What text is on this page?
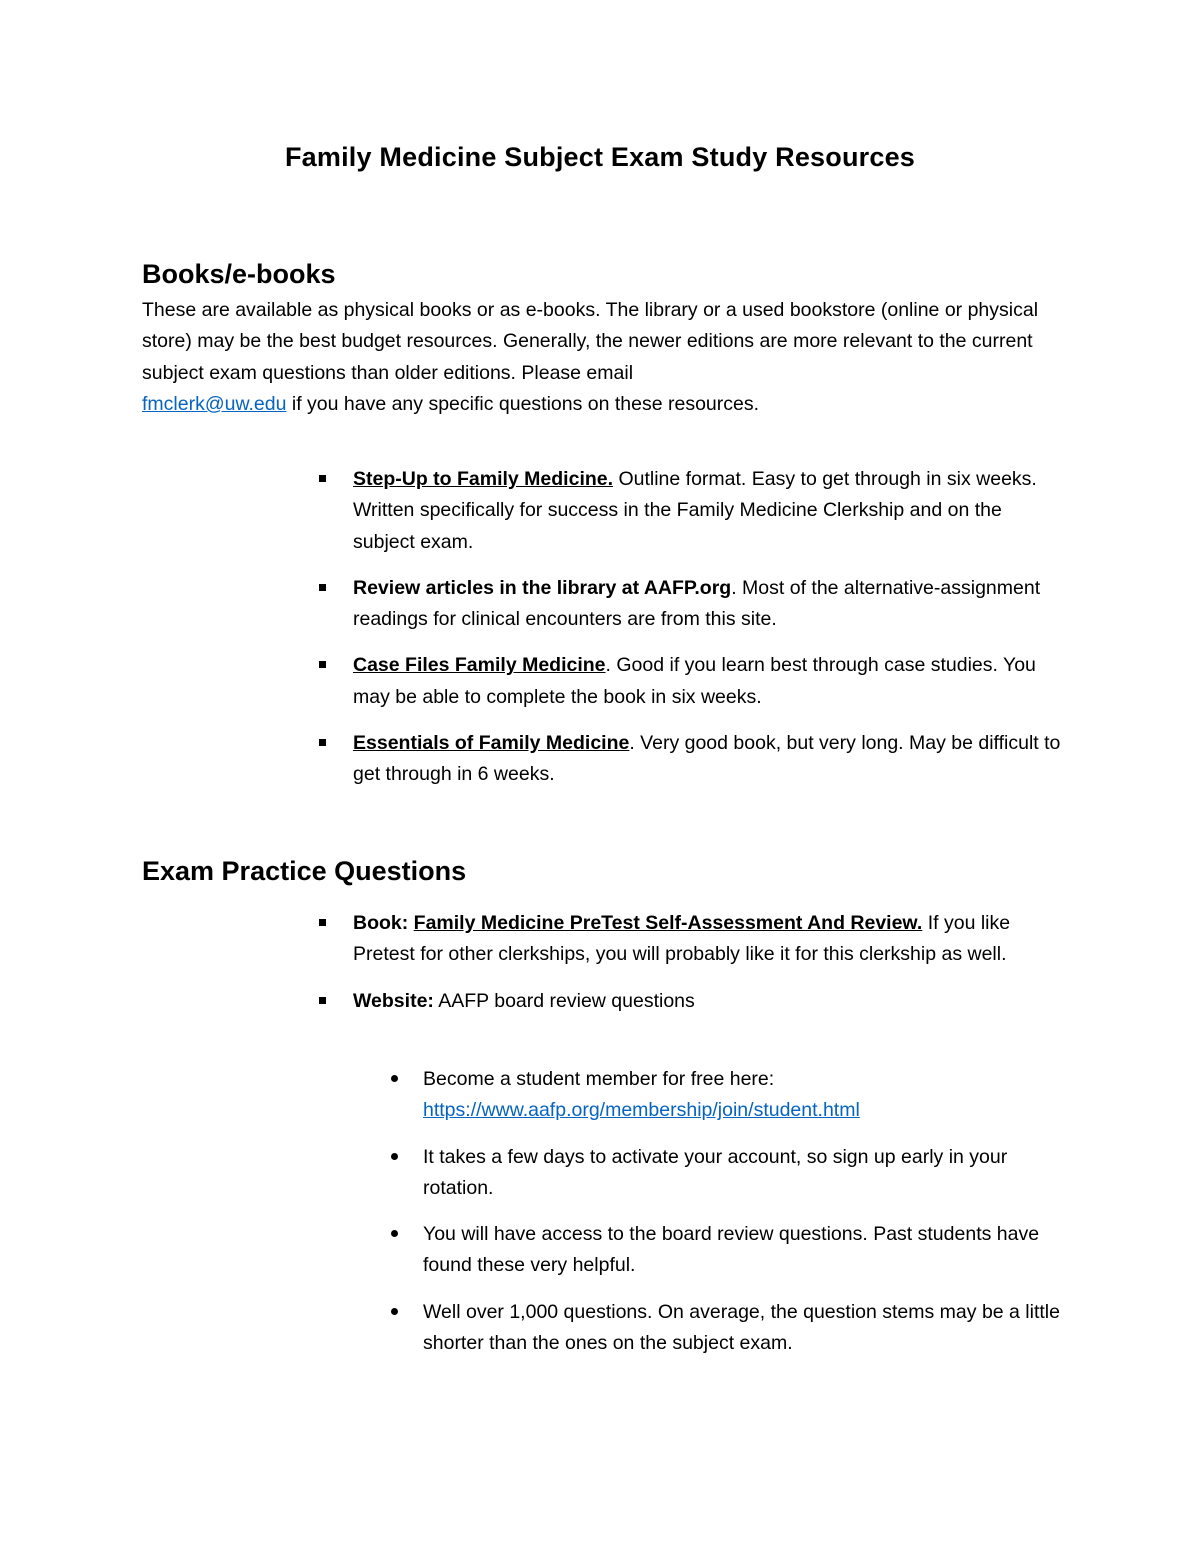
Family Medicine Subject Exam Study Resources
Books/e-books
These are available as physical books or as e-books. The library or a used bookstore (online or physical store) may be the best budget resources. Generally, the newer editions are more relevant to the current subject exam questions than older editions. Please email
fmclerk@uw.edu if you have any specific questions on these resources.
Step-Up to Family Medicine. Outline format. Easy to get through in six weeks. Written specifically for success in the Family Medicine Clerkship and on the subject exam.
Review articles in the library at AAFP.org. Most of the alternative-assignment readings for clinical encounters are from this site.
Case Files Family Medicine. Good if you learn best through case studies. You may be able to complete the book in six weeks.
Essentials of Family Medicine. Very good book, but very long. May be difficult to get through in 6 weeks.
Exam Practice Questions
Book: Family Medicine PreTest Self-Assessment And Review. If you like Pretest for other clerkships, you will probably like it for this clerkship as well.
Website: AAFP board review questions
Become a student member for free here:
https://www.aafp.org/membership/join/student.html
It takes a few days to activate your account, so sign up early in your rotation.
You will have access to the board review questions. Past students have found these very helpful.
Well over 1,000 questions. On average, the question stems may be a little shorter than the ones on the subject exam.
